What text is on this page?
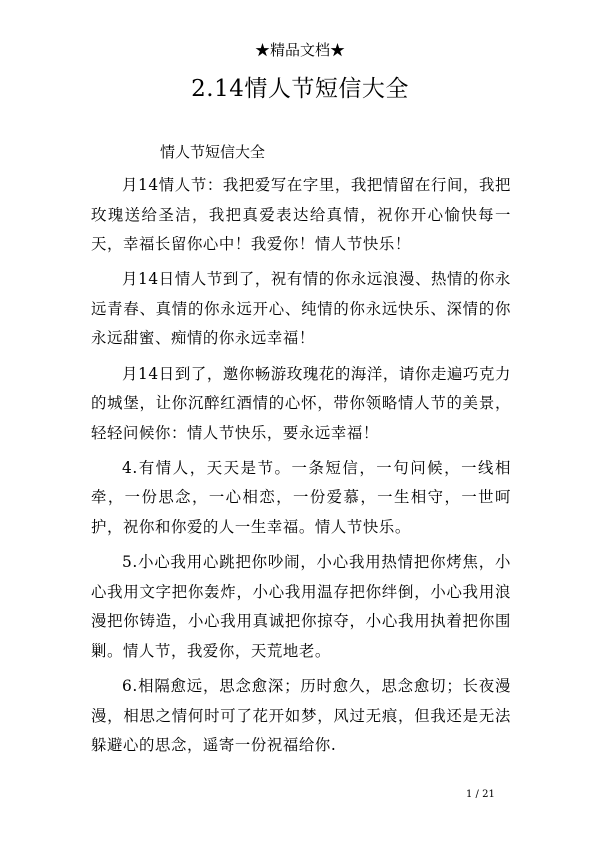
★精品文档★
2.14情人节短信大全
情人节短信大全

月14情人节：我把爱写在字里，我把情留在行间，我把玫瑰送给圣洁，我把真爱表达给真情，祝你开心愉快每一天，幸福长留你心中！我爱你！情人节快乐！

月14日情人节到了，祝有情的你永远浪漫、热情的你永远青春、真情的你永远开心、纯情的你永远快乐、深情的你永远甜蜜、痴情的你永远幸福！

月14日到了，邀你畅游玫瑰花的海洋，请你走遍巧克力的城堡，让你沉醉红酒情的心怀，带你领略情人节的美景，轻轻问候你：情人节快乐，要永远幸福！

4.有情人，天天是节。一条短信，一句问候，一线相牵，一份思念，一心相恋，一份爱慕，一生相守，一世呵护，祝你和你爱的人一生幸福。情人节快乐。

5.小心我用心跳把你吵闹，小心我用热情把你烤焦，小心我用文字把你轰炸，小心我用温存把你绊倒，小心我用浪漫把你铸造，小心我用真诚把你掠夺，小心我用执着把你围剿。情人节，我爱你，天荒地老。

6.相隔愈远，思念愈深；历时愈久，思念愈切；长夜漫漫，相思之情何时可了花开如梦，风过无痕，但我还是无法躲避心的思念，遥寄一份祝福给你.

1 / 21
